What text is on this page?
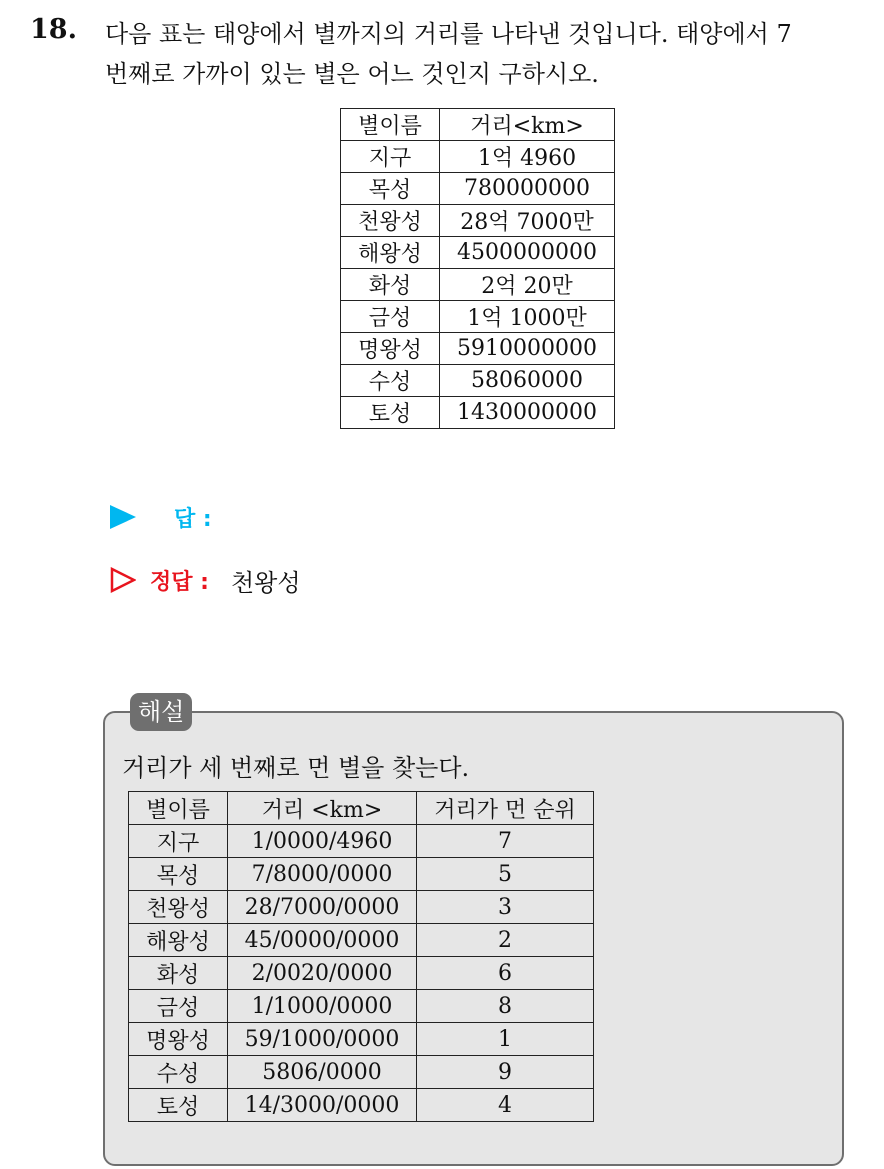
18. 다음 표는 태양에서 별까지의 거리를 나타낸 것입니다. 태양에서 7
번째로 가까이 있는 별은 어느 것인지 구하시오.
별이름	거리<km>	
지구	1억 4960	
목성	780000000	
천왕성	28억 7000만	
해왕성	4500000000	
화성	2억 20만	
금성	1억 1000만	
명왕성	5910000000	
수성	58060000	
토성	1430000000	
답 :
정답 : 천왕성
해설
거리가 세 번째로 먼 별을 찾는다.
별이름	거리 <km>	거리가 먼 순위
지구	1/0000/4960	7
목성	7/8000/0000	5
천왕성	28/7000/0000	3
해왕성	45/0000/0000	2
화성	2/0020/0000	6
금성	1/1000/0000	8
명왕성	59/1000/0000	1
수성	5806/0000	9
토성	14/3000/0000	4
